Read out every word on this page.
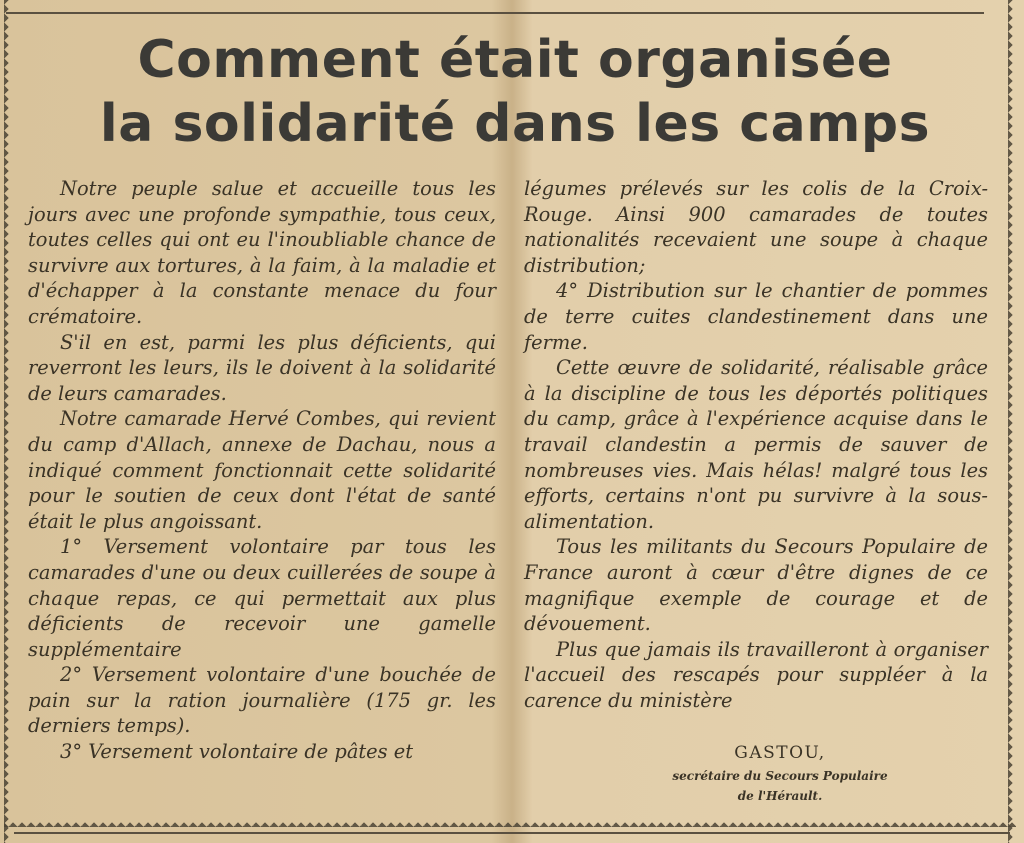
Comment était organisée
la solidarité dans les camps

Notre peuple salue et accueille tous les jours avec une profonde sympathie, tous ceux, toutes celles qui ont eu l'inoubliable chance de survivre aux tortures, à la faim, à la maladie et d'échapper à la constante menace du four crématoire.

S'il en est, parmi les plus déficients, qui reverront les leurs, ils le doivent à la solidarité de leurs camarades.

Notre camarade Hervé Combes, qui revient du camp d'Allach, annexe de Dachau, nous a indiqué comment fonctionnait cette solidarité pour le soutien de ceux dont l'état de santé était le plus angoissant.

1° Versement volontaire par tous les camarades d'une ou deux cuillerées de soupe à chaque repas, ce qui permettait aux plus déficients de recevoir une gamelle supplémentaire

2° Versement volontaire d'une bouchée de pain sur la ration journalière (175 gr. les derniers temps).

3° Versement volontaire de pâtes et

légumes prélevés sur les colis de la Croix-Rouge. Ainsi 900 camarades de toutes nationalités recevaient une soupe à chaque distribution;

4° Distribution sur le chantier de pommes de terre cuites clandestinement dans une ferme.

Cette œuvre de solidarité, réalisable grâce à la discipline de tous les déportés politiques du camp, grâce à l'expérience acquise dans le travail clandestin a permis de sauver de nombreuses vies. Mais hélas! malgré tous les efforts, certains n'ont pu survivre à la sous-alimentation.

Tous les militants du Secours Populaire de France auront à cœur d'être dignes de ce magnifique exemple de courage et de dévouement.

Plus que jamais ils travailleront à organiser l'accueil des rescapés pour suppléer à la carence du ministère

GASTOU,
secrétaire du Secours Populaire
de l'Hérault.
